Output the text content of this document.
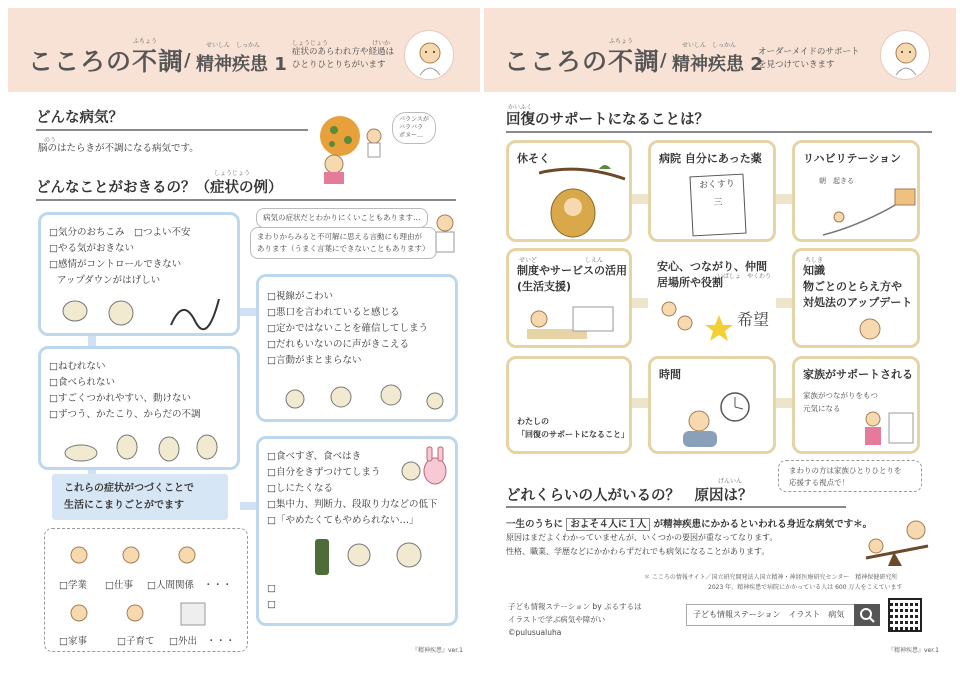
ふちょう
こころの不調 /
せいしん　しっかん
精神疾患 1
しょうじょう	けいか
症状のあらわれ方や経過は
ひとりひとりちがいます
どんな病気？
のう
脳のはたらきが不調になる病気です。
バランスが
バラバラ
ポヌー…
しょうじょう
どんなことがおきるの？（症状の例）
病気の症状だとわかりにくいこともあります…
まわりからみると不可解に思える言動にも理由が
あります（うまく言葉にできないこともあります）
□ 気分のおちこみ　□つよい不安
□ やる気がおきない
□ 感情がコントロールできない
アップダウンがはげしい
□ ねむれない
□ 食べられない
□ すごくつかれやすい、動けない
□ ずつう、かたこり、からだの不調
□ 視線がこわい
□ 悪口を言われていると感じる
□ 定かではないことを確信してしまう
□ だれもいないのに声がきこえる
□ 言動がまとまらない
□ 食べすぎ、食べはき
□ 自分をきずつけてしまう
□ しにたくなる
□ 集中力、判断力、段取り力などの低下
□ 「やめたくてもやめられない…」
□
□
これらの症状がつづくことで
生活にこまりごとがでます
□学業 □仕事 □人間関係　・・・
□家事	□子育て □外出　・・・
『精神疾患』ver.1
ふちょう
こころの不調 /
せいしん　しっかん
精神疾患 2
オーダーメイドのサポート
を見つけていきます
かいふく
回復のサポートになることは？
休そく	病院 自分にあった薬
おくすり
三
リハビリテーション
朝　起きる
せいど　　　　　　　　しえん
制度やサービスの活用
(生活支援)
安心、つながり、仲間
居場所や役割
いばしょ　やくわり
希望
ちしき
知識
物ごとのとらえ方や
対処法のアップデート
わたしの
「回復のサポートになること」
時間	家族がサポートされる
家族がつながりをもつ
元気になる
まわりの方は家族ひとりひとりを
応援する視点で！
げんいん
どれくらいの人がいるの？　原因は？
一生のうちに およそ４人に１人 が精神疾患にかかるといわれる身近な病気です＊。
原因はまだよくわかっていませんが、いくつかの要因が重なってなります。
性格、職業、学歴などにかかわらずだれでも病気になることがあります。
＊ こころの情報サイト／国立研究開発法人国立精神・神経医療研究センター　精神保健研究所
2023 年、精神疾患で病院にかかっている人は 600 万人をこえています
子ども情報ステーション by ぷるするは
イラストで学ぶ病気や障がい
©pulusualuha
子ども情報ステーション　イラスト　病気
『精神疾患』ver.1
